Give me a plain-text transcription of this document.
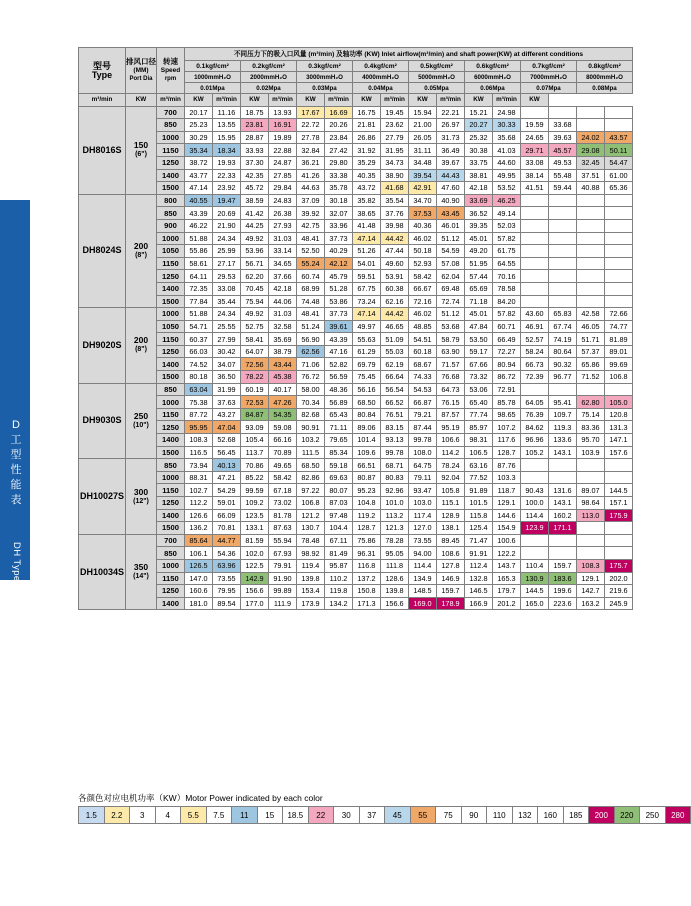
D
工
型
性
能
表
DH Type Performance Parameters Sheet
型号
Type

排风口径
(MM)
Port Dia

转速
Speed
rpm
	不同压力下的吸入口风量 (m³/min) 及轴功率 (KW) Inlet airflow(m³/min) and shaft power(KW) at different conditions
			0.1kgf/cm²		0.2kgf/cm²		0.3kgf/cm²		0.4kgf/cm²		0.5kgf/cm²		0.6kgf/cm²		0.7kgf/cm²		0.8kgf/cm²	
			1000mmH₂O		2000mmH₂O		3000mmH₂O		4000mmH₂O		5000mmH₂O		6000mmH₂O		7000mmH₂O		8000mmH₂O	
			0.01Mpa		0.02Mpa		0.03Mpa		0.04Mpa		0.05Mpa		0.06Mpa		0.07Mpa		0.08Mpa	
m³/min	KW	m³/min	KW	m³/min	KW	m³/min	KW	m³/min	KW	m³/min	KW	m³/min	KW	m³/min	KW			
DH8016S	150
(6")	700	20.17	11.16	18.75	13.93	17.67	16.69	16.75	19.45	15.94	22.21	15.21	24.98				
		850	25.23	13.55	23.81	16.91	22.72	20.26	21.81	23.62	21.00	26.97	20.27	30.33	19.59	33.68		
		1000	30.29	15.95	28.87	19.89	27.78	23.84	26.86	27.79	26.05	31.73	25.32	35.68	24.65	39.63	24.02	43.57
		1150	35.34	18.34	33.93	22.88	32.84	27.42	31.92	31.95	31.11	36.49	30.38	41.03	29.71	45.57	29.08	50.11
		1250	38.72	19.93	37.30	24.87	36.21	29.80	35.29	34.73	34.48	39.67	33.75	44.60	33.08	49.53	32.45	54.47
		1400	43.77	22.33	42.35	27.85	41.26	33.38	40.35	38.90	39.54	44.43	38.81	49.95	38.14	55.48	37.51	61.00
		1500	47.14	23.92	45.72	29.84	44.63	35.78	43.72	41.68	42.91	47.60	42.18	53.52	41.51	59.44	40.88	65.36
DH8024S	200
(8")	800	40.55	19.47	38.59	24.83	37.09	30.18	35.82	35.54	34.70	40.90	33.69	46.25				
		850	43.39	20.69	41.42	26.38	39.92	32.07	38.65	37.76	37.53	43.45	36.52	49.14				
		900	46.22	21.90	44.25	27.93	42.75	33.96	41.48	39.98	40.36	46.01	39.35	52.03				
		1000	51.88	24.34	49.92	31.03	48.41	37.73	47.14	44.42	46.02	51.12	45.01	57.82				
		1050	55.86	25.99	53.96	33.14	52.50	40.29	51.26	47.44	50.18	54.59	49.20	61.75				
		1150	58.61	27.17	56.71	34.65	55.24	42.12	54.01	49.60	52.93	57.08	51.95	64.55				
		1250	64.11	29.53	62.20	37.66	60.74	45.79	59.51	53.91	58.42	62.04	57.44	70.16				
		1400	72.35	33.08	70.45	42.18	68.99	51.28	67.75	60.38	66.67	69.48	65.69	78.58				
		1500	77.84	35.44	75.94	44.06	74.48	53.86	73.24	62.16	72.16	72.74	71.18	84.20				
DH9020S	200
(8")	1000	51.88	24.34	49.92	31.03	48.41	37.73	47.14	44.42	46.02	51.12	45.01	57.82	43.60	65.83	42.58	72.66
		1050	54.71	25.55	52.75	32.58	51.24	39.61	49.97	46.65	48.85	53.68	47.84	60.71	46.91	67.74	46.05	74.77
		1150	60.37	27.99	58.41	35.69	56.90	43.39	55.63	51.09	54.51	58.79	53.50	66.49	52.57	74.19	51.71	81.89
		1250	66.03	30.42	64.07	38.79	62.56	47.16	61.29	55.03	60.18	63.90	59.17	72.27	58.24	80.64	57.37	89.01
		1400	74.52	34.07	72.56	43.44	71.06	52.82	69.79	62.19	68.67	71.57	67.66	80.94	66.73	90.32	65.86	99.69
		1500	80.18	36.50	78.22	45.38	76.72	56.59	75.45	66.64	74.33	76.68	73.32	86.72	72.39	96.77	71.52	106.8
DH9030S	250
(10")	850	63.04	31.99	60.19	40.17	58.00	48.36	56.16	56.54	54.53	64.73	53.06	72.91				
		1000	75.38	37.63	72.53	47.26	70.34	56.89	68.50	66.52	66.87	76.15	65.40	85.78	64.05	95.41	62.80	105.0
		1150	87.72	43.27	84.87	54.35	82.68	65.43	80.84	76.51	79.21	87.57	77.74	98.65	76.39	109.7	75.14	120.8
		1250	95.95	47.04	93.09	59.08	90.91	71.11	89.06	83.15	87.44	95.19	85.97	107.2	84.62	119.3	83.36	131.3
		1400	108.3	52.68	105.4	66.16	103.2	79.65	101.4	93.13	99.78	106.6	98.31	117.6	96.96	133.6	95.70	147.1
		1500	116.5	56.45	113.7	70.89	111.5	85.34	109.6	99.78	108.0	114.2	106.5	128.7	105.2	143.1	103.9	157.6
DH10027S	300
(12")	850	73.94	40.13	70.86	49.65	68.50	59.18	66.51	68.71	64.75	78.24	63.16	87.76				
		1000	88.31	47.21	85.22	58.42	82.86	69.63	80.87	80.83	79.11	92.04	77.52	103.3				
		1150	102.7	54.29	99.59	67.18	97.22	80.07	95.23	92.96	93.47	105.8	91.89	118.7	90.43	131.6	89.07	144.5
		1250	112.2	59.01	109.2	73.02	106.8	87.03	104.8	101.0	103.0	115.1	101.5	129.1	100.0	143.1	98.64	157.1
		1400	126.6	66.09	123.5	81.78	121.2	97.48	119.2	113.2	117.4	128.9	115.8	144.6	114.4	160.2	113.0	175.9
		1500	136.2	70.81	133.1	87.63	130.7	104.4	128.7	121.3	127.0	138.1	125.4	154.9	123.9	171.1		
DH10034S	350
(14")	700	85.64	44.77	81.59	55.94	78.48	67.11	75.86	78.28	73.55	89.45	71.47	100.6				
		850	106.1	54.36	102.0	67.93	98.92	81.49	96.31	95.05	94.00	108.6	91.91	122.2				
		1000	126.5	63.96	122.5	79.91	119.4	95.87	116.8	111.8	114.4	127.8	112.4	143.7	110.4	159.7	108.3	175.7
		1150	147.0	73.55	142.9	91.90	139.8	110.2	137.2	128.6	134.9	146.9	132.8	165.3	130.9	183.6	129.1	202.0
		1250	160.6	79.95	156.6	99.89	153.4	119.8	150.8	139.8	148.5	159.7	146.5	179.7	144.5	199.6	142.7	219.6
		1400	181.0	89.54	177.0	111.9	173.9	134.2	171.3	156.6	169.0	178.9	166.9	201.2	165.0	223.6	163.2	245.9
各颜色对应电机功率（KW）Motor Power indicated by each color
1.5	2.2	3	4	5.5	7.5	11	15	18.5	22	30	37	45	55	75	90	110	132	160	185	200	220	250	280
